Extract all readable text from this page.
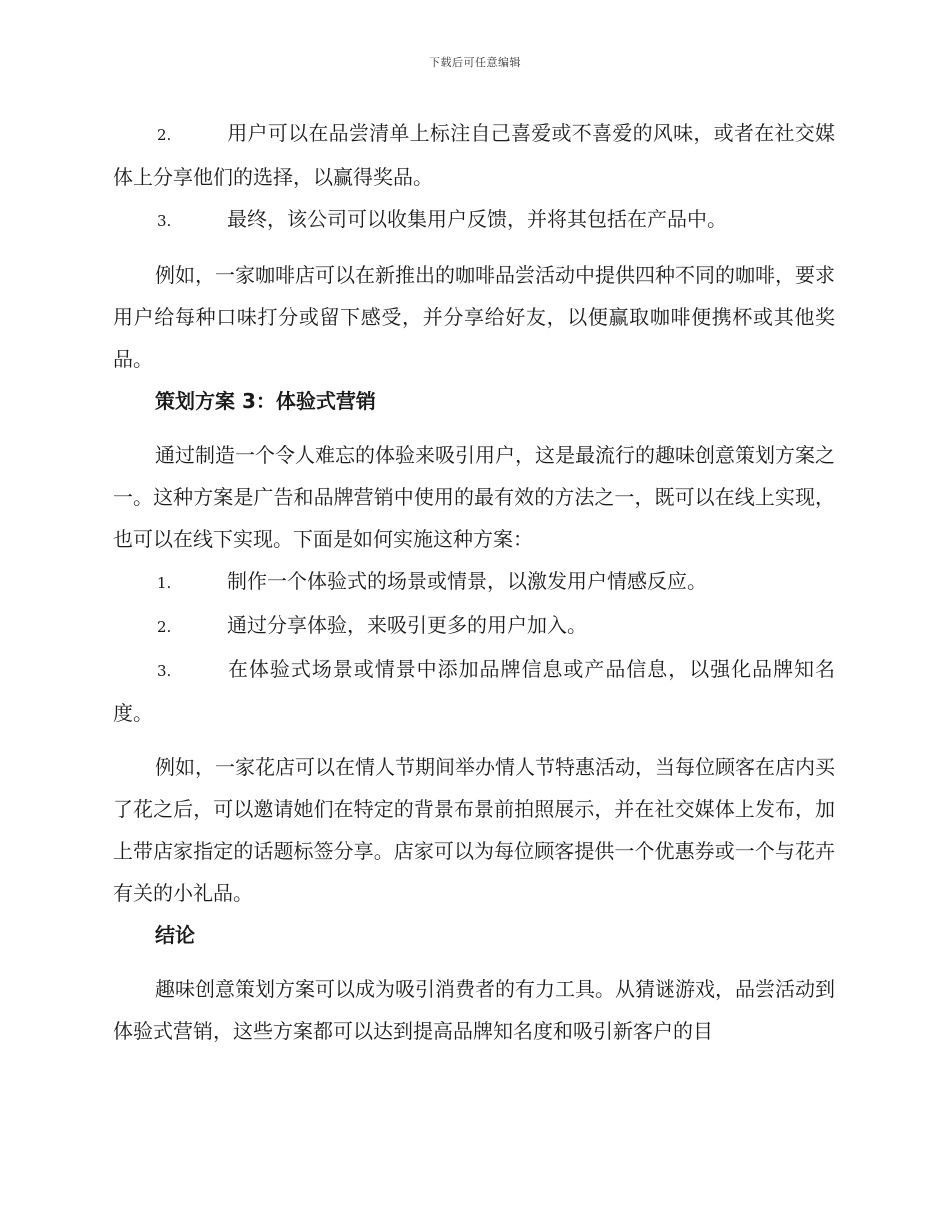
下载后可任意编辑

2.	用户可以在品尝清单上标注自己喜爱或不喜爱的风味，或者在社交媒体上分享他们的选择，以赢得奖品。

3.	最终，该公司可以收集用户反馈，并将其包括在产品中。

例如，一家咖啡店可以在新推出的咖啡品尝活动中提供四种不同的咖啡，要求用户给每种口味打分或留下感受，并分享给好友，以便赢取咖啡便携杯或其他奖品。

策划方案 3：体验式营销

通过制造一个令人难忘的体验来吸引用户，这是最流行的趣味创意策划方案之一。这种方案是广告和品牌营销中使用的最有效的方法之一，既可以在线上实现，也可以在线下实现。下面是如何实施这种方案：

1.	制作一个体验式的场景或情景，以激发用户情感反应。

2.	通过分享体验，来吸引更多的用户加入。

3.	在体验式场景或情景中添加品牌信息或产品信息，以强化品牌知名度。

例如，一家花店可以在情人节期间举办情人节特惠活动，当每位顾客在店内买了花之后，可以邀请她们在特定的背景布景前拍照展示，并在社交媒体上发布，加上带店家指定的话题标签分享。店家可以为每位顾客提供一个优惠券或一个与花卉有关的小礼品。

结论

趣味创意策划方案可以成为吸引消费者的有力工具。从猜谜游戏，品尝活动到体验式营销，这些方案都可以达到提高品牌知名度和吸引新客户的目
